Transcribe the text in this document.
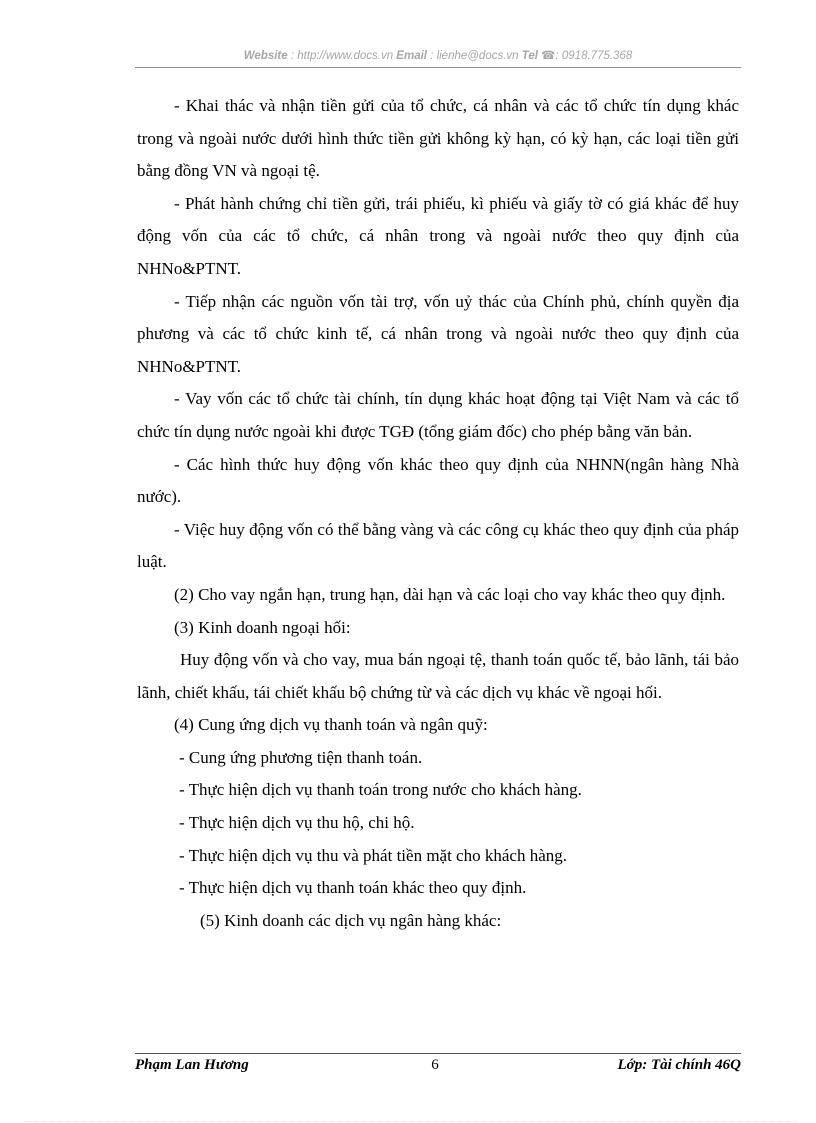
Website : http://www.docs.vn Email : lienhe@docs.vn Tel ☎: 0918.775.368

- Khai thác và nhận tiền gửi của tổ chức, cá nhân và các tổ chức tín dụng khác trong và ngoài nước dưới hình thức tiền gửi không kỳ hạn, có kỳ hạn, các loại tiền gửi bằng đồng VN và ngoại tệ.

- Phát hành chứng chỉ tiền gửi, trái phiếu, kì phiếu và giấy tờ có giá khác để huy động vốn của các tổ chức, cá nhân trong và ngoài nước theo quy định của NHNo&PTNT.

- Tiếp nhận các nguồn vốn tài trợ, vốn uỷ thác của Chính phủ, chính quyền địa phương và các tổ chức kinh tế, cá nhân trong và ngoài nước theo quy định của NHNo&PTNT.

- Vay vốn các tổ chức tài chính, tín dụng khác hoạt động tại Việt Nam và các tổ chức tín dụng nước ngoài khi được TGĐ (tổng giám đốc) cho phép bằng văn bản.

- Các hình thức huy động vốn khác theo quy định của NHNN(ngân hàng Nhà nước).

- Việc huy động vốn có thể bằng vàng và các công cụ khác theo quy định của pháp luật.

(2) Cho vay ngắn hạn, trung hạn, dài hạn và các loại cho vay khác theo quy định.

(3) Kinh doanh ngoại hối:

Huy động vốn và cho vay, mua bán ngoại tệ, thanh toán quốc tế, bảo lãnh, tái bảo lãnh, chiết khấu, tái chiết khấu bộ chứng từ và các dịch vụ khác về ngoại hối.

(4) Cung ứng dịch vụ thanh toán và ngân quỹ:

- Cung ứng phương tiện thanh toán.

- Thực hiện dịch vụ thanh toán trong nước cho khách hàng.

- Thực hiện dịch vụ thu hộ, chi hộ.

- Thực hiện dịch vụ thu và phát tiền mặt cho khách hàng.

- Thực hiện dịch vụ thanh toán khác theo quy định.

(5) Kinh doanh các dịch vụ ngân hàng khác:

Phạm Lan Hương	6	Lớp: Tài chính 46Q
